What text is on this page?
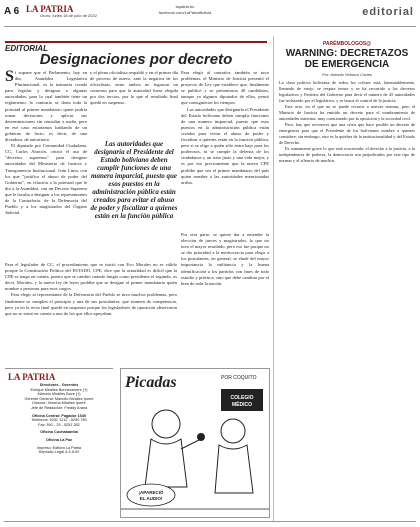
A 6 LA PATRIA
Oruro, lunes 18 de julio de 2022
lapatria.bo
facebook.com/LaPatriaBolivia	editorial
EDITORIAL
Designaciones por decreto
S i supone que el Parlamento, hoy en día, Asamblea Legislativa Plurinacional, es la instancia creada para legislar y designar a algunas autoridades, para lo cual también tiene un reglamento, lo contrario se daría toda la potestad al primer mandatario quien podría tomar decisiones y aplicar sus determinaciones sin consultar a nadie, pero en ese caso estaríamos hablando de un gobierno de facto, es decir, de una dictadura, de autoritario.

El diputado por Comunidad Ciudadana, CC, Carlos Alarcón, criticó el uso de "decretos supremos" para designar autoridades del Ministerio de Justicia y Transparencia Institucional, Iván Lima, con los que "justifica el abuso de poder del Gobierno", en relación a la potestad que le dio a la Asamblea, con un Decreto Supremo que le faculta a designar a los representantes de la Contraloría, de la Defensoría del Pueblo y a los magistrados del Órgano Judicial.

y el pleno oficialista respaldó y en el primer día de proceso de nuevo, ante la negativa de los oficialistas, entre ambos no lograron un consenso para que la autoridad fuese elegida por dos tercios, por lo que el resultado final quedó en suspenso.

Las autoridades que designaría el Presidente del Estado boliviano deben cumplir funciones de una manera imparcial, puesto que esos puestos en la administración pública están creados para evitar el abuso de poder y fiscalizar a quienes están en la función pública

Para elegir al contralor, también se tuvo problemas, el Ministro de Justicia presentó el proyecto de Ley que establece que, finalmente se publicó y se presentaron 40 candidatos, aunque ya algunos diputados de ellos, pensó que consiguieron los tiempos.

Las autoridades que designaría el Presidente del Estado boliviano deben cumplir funciones de una manera imparcial, puesto que esos puestos en la administración pública están creados para evitar el abuso de poder y fiscalizar a quienes están en la función pública, pero si se elige a quién sólo entra bajo para los poderosos, ni se cumple la defensa de los ciudadanos y un trato justo y una vida mejor, y es por eso precisamente que la nueva CPE prohíbe que sea el primer mandatario del país quien nombre a las autoridades mencionadas arriba.

Para el legislador de CC, el procedimiento que se inició con Evo Morales no es válido porque la Constitución Política del ESTADO, CPE, dice que la actualidad es difícil que la CPE se tenga en cuenta, puesto que se cambió cuando fungía como presidente el segundo, es decir, Morales, y la nueva ley de leyes prohíbe que se designe al primer mandatario quién nombre a personas para esos cargos.

Para elegir al representante de la Defensoría del Pueblo se tuvo muchos problemas, pero finalmente se cumplen el principio y una de sus postulantes, que examen de competencia, pero ya en la recta final quedó en suspenso porque los legisladores de oposición observaron que no se tomó en cuenta a uno de los que ellos apoyaban.

Por otra parte, se quiere dar a entender la elección de jueces y magistrados, lo que no tuvo el mayor resultado, pero eso fue porque no se dio prioridad a la meritocracia para elegir a los postulantes, en general, se elude del mayor importancia la militancia y la buena identificación a los partidos con fines de todo estudio y práctica, sino que debe cambiar por el bien de toda la nación.

PARÉMBOLOGOS@
WARNING: DECRETAZOS DE EMERGENCIA
Por: Antonio Velasco Cortés

La clase política boliviana de todos los colores está, lamentablemente, llenando de enojo, se respira temor y se ha recurrido a los decretos legislativos y Partidos del Gobierno para decir el número de 45 autoridades fue rechazado por el legislativo, y se busca el control de la justicia.

Este acto, en el que no se puede recurrir a nuevas normas, pero el Ministro de Justicia ha emitido un decreto para el nombramiento de autoridades interinas, muy cuestionado por la oposición y la sociedad civil.

Pero, hay que reconocer que una crisis que hace posible un decreto de emergencia para que el Presidente de los bolivianos nombre a quienes considere, sin embargo, esto es la quiebra de la institucionalidad y del Estado de Derecho.

Es sumamente grave lo que está ocurriendo; el derecho a la justicia, a la independencia de poderes, la democracia son perjudicados por este tipo de normas y el silencio de muchos.

LA PATRIA
Directores - Gerentes
Enrique Miralles Bonnecarrere (†)
Marcelo Miralles Bove (†)
Gerente General: Marcelo Miralles Iporre
Director: Ximena Miralles Iporre
Jefe de Redacción: Freddy Arana
Oficina Central: Pagador 1540
Teléfonos: 5251 1212 - 5250 780
Fax: 591 - 25 - 5251 282
Oficina Cochabamba
Oficina La Paz
Impreso: Editora La Patria
Depósito Legal 4-3-6-92
Picadas	POR COQUITO
COLEGIO
MÉDICO
¡APARECIÓ
EL AUDIO!
